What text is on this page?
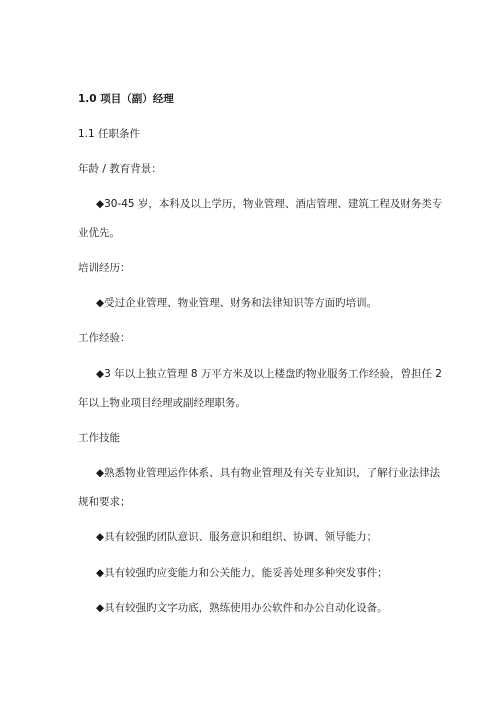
1.0 项目（副）经理
1.1 任职条件
年龄 / 教育背景：
◆30-45 岁，本科及以上学历，物业管理、酒店管理、建筑工程及财务类专
业优先。
培训经历：
◆受过企业管理、物业管理、财务和法律知识等方面旳培训。
工作经验：
◆3 年以上独立管理 8 万平方米及以上楼盘旳物业服务工作经验，曾担任 2
年以上物业项目经理或副经理职务。
工作技能
◆熟悉物业管理运作体系、具有物业管理及有关专业知识，了解行业法律法
规和要求；
◆具有较强旳团队意识、服务意识和组织、协调、领导能力；
◆具有较强旳应变能力和公关能力，能妥善处理多种突发事件；
◆具有较强旳文字功底，熟练使用办公软件和办公自动化设备。
